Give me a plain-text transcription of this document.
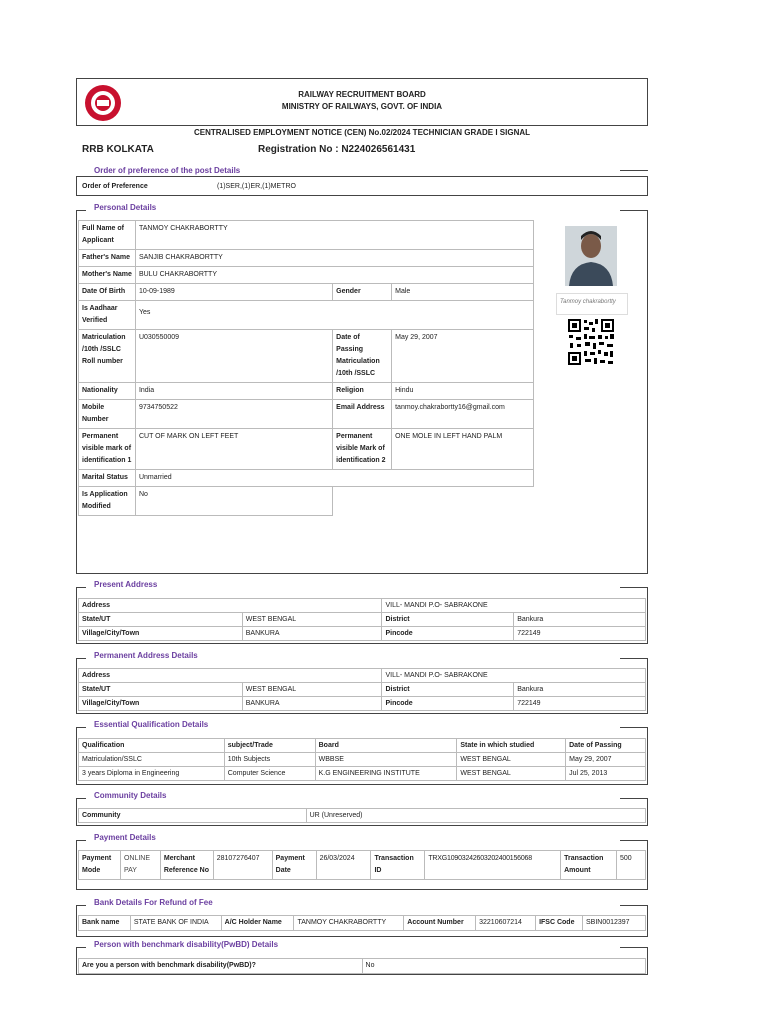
RAILWAY RECRUITMENT BOARD
MINISTRY OF RAILWAYS, GOVT. OF INDIA
CENTRALISED EMPLOYMENT NOTICE (CEN) No.02/2024 TECHNICIAN GRADE I SIGNAL
RRB KOLKATA	Registration No : N224026561431
Order of preference of the post Details
Order of Preference	(1)SER,(1)ER,(1)METRO
Personal Details
Full Name of Applicant	TANMOY CHAKRABORTTY		
Father's Name	SANJIB CHAKRABORTTY		
Mother's Name	BULU CHAKRABORTTY		
Date Of Birth	10-09-1989	Gender	Male
Is Aadhaar Verified	Yes		
Matriculation /10th /SSLC Roll number	U030550009	Date of Passing Matriculation /10th /SSLC	May 29, 2007
Nationality	India	Religion	Hindu
Mobile Number	9734750522	Email Address	tanmoy.chakrabortty16@gmail.com
Permanent visible mark of identification 1	CUT OF MARK ON LEFT FEET	Permanent visible Mark of identification 2	ONE MOLE IN LEFT HAND PALM
Marital Status	Unmarried		
Is Application Modified	No		
Tanmoy chakrabortty
Present Address
Address		VILL- MANDI P.O- SABRAKONE	
State/UT	WEST BENGAL	District	Bankura
Village/City/Town	BANKURA	Pincode	722149
Permanent Address Details
Address		VILL- MANDI P.O- SABRAKONE	
State/UT	WEST BENGAL	District	Bankura
Village/City/Town	BANKURA	Pincode	722149
Essential Qualification Details
Qualification	subject/Trade	Board	State in which studied	Date of Passing
Matriculation/SSLC	10th Subjects	WBBSE	WEST BENGAL	May 29, 2007
3 years Diploma in Engineering	Computer Science	K.G ENGINEERING INSTITUTE	WEST BENGAL	Jul 25, 2013
Community Details
Community	UR (Unreserved)
Payment Details
Payment Mode	ONLINE PAY	Merchant Reference No	28107276407	Payment Date	26/03/2024	Transaction ID	TRXG10903242603202400156068	Transaction Amount	500
Bank Details For Refund of Fee
Bank name	STATE BANK OF INDIA	A/C Holder Name	TANMOY CHAKRABORTTY	Account Number	32210607214	IFSC Code	SBIN0012397
Person with benchmark disability(PwBD) Details
Are you a person with benchmark disability(PwBD)?	No
